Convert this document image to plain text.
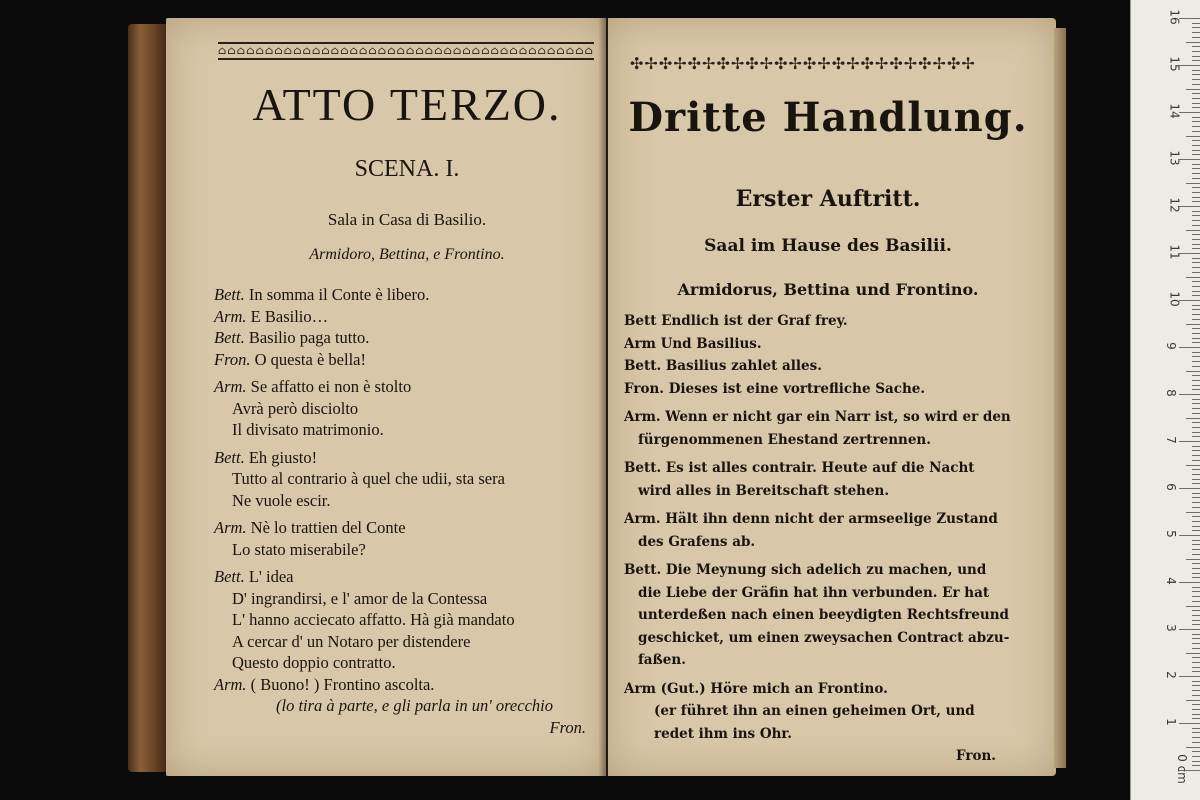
⌂⌂⌂⌂⌂⌂⌂⌂⌂⌂⌂⌂⌂⌂⌂⌂⌂⌂⌂⌂⌂⌂⌂⌂⌂⌂⌂⌂⌂⌂⌂⌂⌂⌂⌂⌂⌂⌂⌂⌂
ATTO TERZO.
SCENA. I.
Sala in Casa di Basilio.
Armidoro, Bettina, e Frontino.
Bett. In somma il Conte è libero.
Arm. E Basilio…
Bett. Basilio paga tutto.
Fron. O questa è bella!
Arm. Se affatto ei non è stolto
Avrà però disciolto
Il divisato matrimonio.
Bett. Eh giusto!
Tutto al contrario à quel che udii, sta sera
Ne vuole escir.
Arm. Nè lo trattien del Conte
Lo stato miserabile?
Bett. L' idea
D' ingrandirsi, e l' amor de la Contessa
L' hanno acciecato affatto. Hà già mandato
A cercar d' un Notaro per distendere
Questo doppio contratto.
Arm. ( Buono! ) Frontino ascolta.
(lo tira à parte, e gli parla in un' orecchio
Fron.
✣✢✣✢✣✢✣✢✣✢✣✢✣✢✣✢✣✢✣✢✣✢✣✢
Dritte Handlung.
Erster Auftritt.
Saal im Hause des Basilii.
Armidorus, Bettina und Frontino.
Bett Endlich ist der Graf frey.
Arm Und Basilius.
Bett. Basilius zahlet alles.
Fron. Dieses ist eine vortrefliche Sache.
Arm. Wenn er nicht gar ein Narr ist, so wird er den
fürgenommenen Ehestand zertrennen.
Bett. Es ist alles contrair. Heute auf die Nacht
wird alles in Bereitschaft stehen.
Arm. Hält ihn denn nicht der armseelige Zustand
des Grafens ab.
Bett. Die Meynung sich adelich zu machen, und
die Liebe der Gräfin hat ihn verbunden. Er hat
unterdeßen nach einen beeydigten Rechtsfreund
geschicket, um einen zweysachen Contract abzu-
faßen.
Arm (Gut.) Höre mich an Frontino.
(er führet ihn an einen geheimen Ort, und
redet ihm ins Ohr.
Fron.	0 cm
1
2
3
4
5
6
7
8
9
10
11
12
13
14
15
16
